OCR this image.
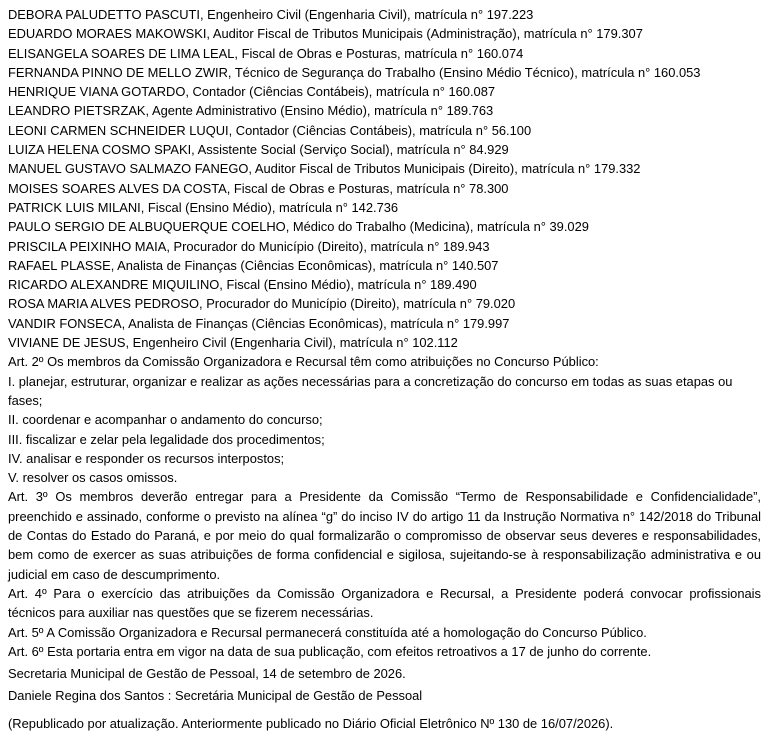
DEBORA PALUDETTO PASCUTI, Engenheiro Civil (Engenharia Civil), matrícula n° 197.223
EDUARDO MORAES MAKOWSKI, Auditor Fiscal de Tributos Municipais (Administração), matrícula n° 179.307
ELISANGELA SOARES DE LIMA LEAL, Fiscal de Obras e Posturas, matrícula n° 160.074
FERNANDA PINNO DE MELLO ZWIR, Técnico de Segurança do Trabalho (Ensino Médio Técnico), matrícula n° 160.053
HENRIQUE VIANA GOTARDO, Contador (Ciências Contábeis), matrícula n° 160.087
LEANDRO PIETSRZAK, Agente Administrativo (Ensino Médio), matrícula n° 189.763
LEONI CARMEN SCHNEIDER LUQUI, Contador (Ciências Contábeis), matrícula n° 56.100
LUIZA HELENA COSMO SPAKI, Assistente Social (Serviço Social), matrícula n° 84.929
MANUEL GUSTAVO SALMAZO FANEGO, Auditor Fiscal de Tributos Municipais (Direito), matrícula n° 179.332
MOISES SOARES ALVES DA COSTA, Fiscal de Obras e Posturas, matrícula n° 78.300
PATRICK LUIS MILANI, Fiscal (Ensino Médio), matrícula n° 142.736
PAULO SERGIO DE ALBUQUERQUE COELHO, Médico do Trabalho (Medicina), matrícula n° 39.029
PRISCILA PEIXINHO MAIA, Procurador do Município (Direito), matrícula n° 189.943
RAFAEL PLASSE, Analista de Finanças (Ciências Econômicas), matrícula n° 140.507
RICARDO ALEXANDRE MIQUILINO, Fiscal (Ensino Médio), matrícula n° 189.490
ROSA MARIA ALVES PEDROSO, Procurador do Município (Direito), matrícula n° 79.020
VANDIR FONSECA, Analista de Finanças (Ciências Econômicas), matrícula n° 179.997
VIVIANE DE JESUS, Engenheiro Civil (Engenharia Civil), matrícula n° 102.112
Art. 2º Os membros da Comissão Organizadora e Recursal têm como atribuições no Concurso Público:
I. planejar, estruturar, organizar e realizar as ações necessárias para a concretização do concurso em todas as suas etapas ou fases;
II. coordenar e acompanhar o andamento do concurso;
III. fiscalizar e zelar pela legalidade dos procedimentos;
IV. analisar e responder os recursos interpostos;
V. resolver os casos omissos.
Art. 3º Os membros deverão entregar para a Presidente da Comissão “Termo de Responsabilidade e Confidencialidade”, preenchido e assinado, conforme o previsto na alínea “g” do inciso IV do artigo 11 da Instrução Normativa n° 142/2018 do Tribunal de Contas do Estado do Paraná, e por meio do qual formalizarão o compromisso de observar seus deveres e responsabilidades, bem como de exercer as suas atribuições de forma confidencial e sigilosa, sujeitando-se à responsabilização administrativa e ou judicial em caso de descumprimento.
Art. 4º Para o exercício das atribuições da Comissão Organizadora e Recursal, a Presidente poderá convocar profissionais técnicos para auxiliar nas questões que se fizerem necessárias.
Art. 5º A Comissão Organizadora e Recursal permanecerá constituída até a homologação do Concurso Público.
Art. 6º Esta portaria entra em vigor na data de sua publicação, com efeitos retroativos a 17 de junho do corrente.
Secretaria Municipal de Gestão de Pessoal, 14 de setembro de 2026.
Daniele Regina dos Santos : Secretária Municipal de Gestão de Pessoal
(Republicado por atualização. Anteriormente publicado no Diário Oficial Eletrônico Nº 130 de 16/07/2026).
